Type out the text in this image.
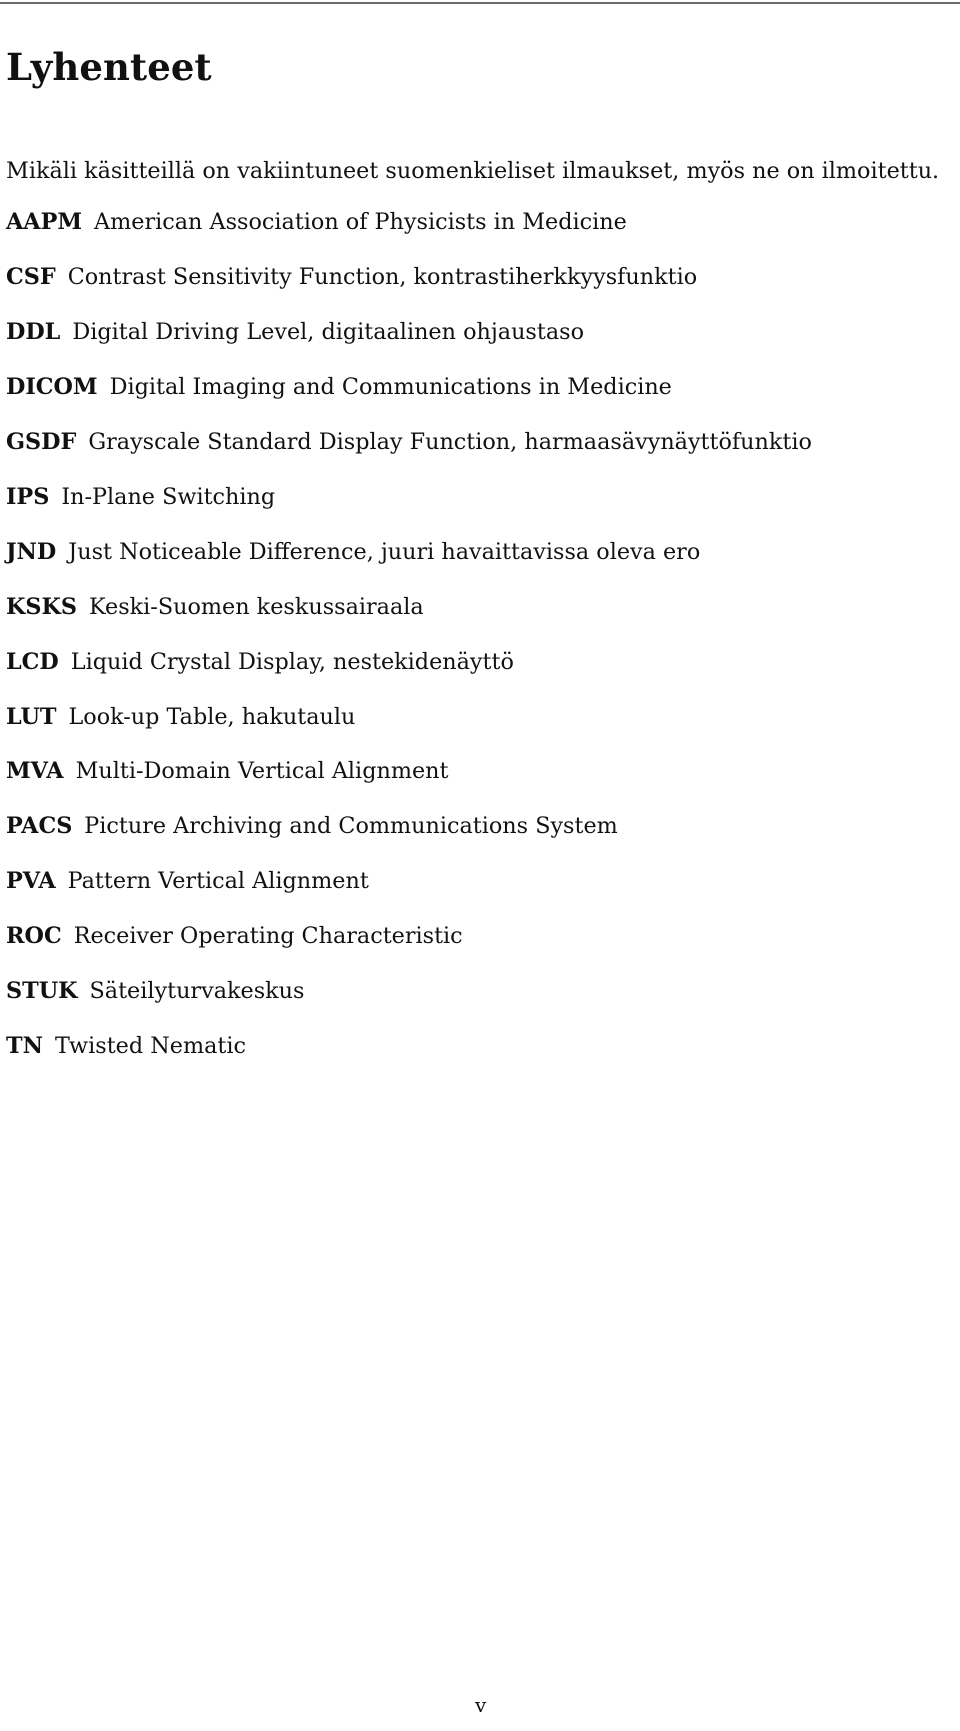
Lyhenteet

Mikäli käsitteillä on vakiintuneet suomenkieliset ilmaukset, myös ne on ilmoitettu.

AAPM American Association of Physicists in Medicine
CSF Contrast Sensitivity Function, kontrastiherkkyysfunktio
DDL Digital Driving Level, digitaalinen ohjaustaso
DICOM Digital Imaging and Communications in Medicine
GSDF Grayscale Standard Display Function, harmaasävynäyttöfunktio
IPS In-Plane Switching
JND Just Noticeable Difference, juuri havaittavissa oleva ero
KSKS Keski-Suomen keskussairaala
LCD Liquid Crystal Display, nestekidenäyttö
LUT Look-up Table, hakutaulu
MVA Multi-Domain Vertical Alignment
PACS Picture Archiving and Communications System
PVA Pattern Vertical Alignment
ROC Receiver Operating Characteristic
STUK Säteilyturvakeskus
TN Twisted Nematic
v
